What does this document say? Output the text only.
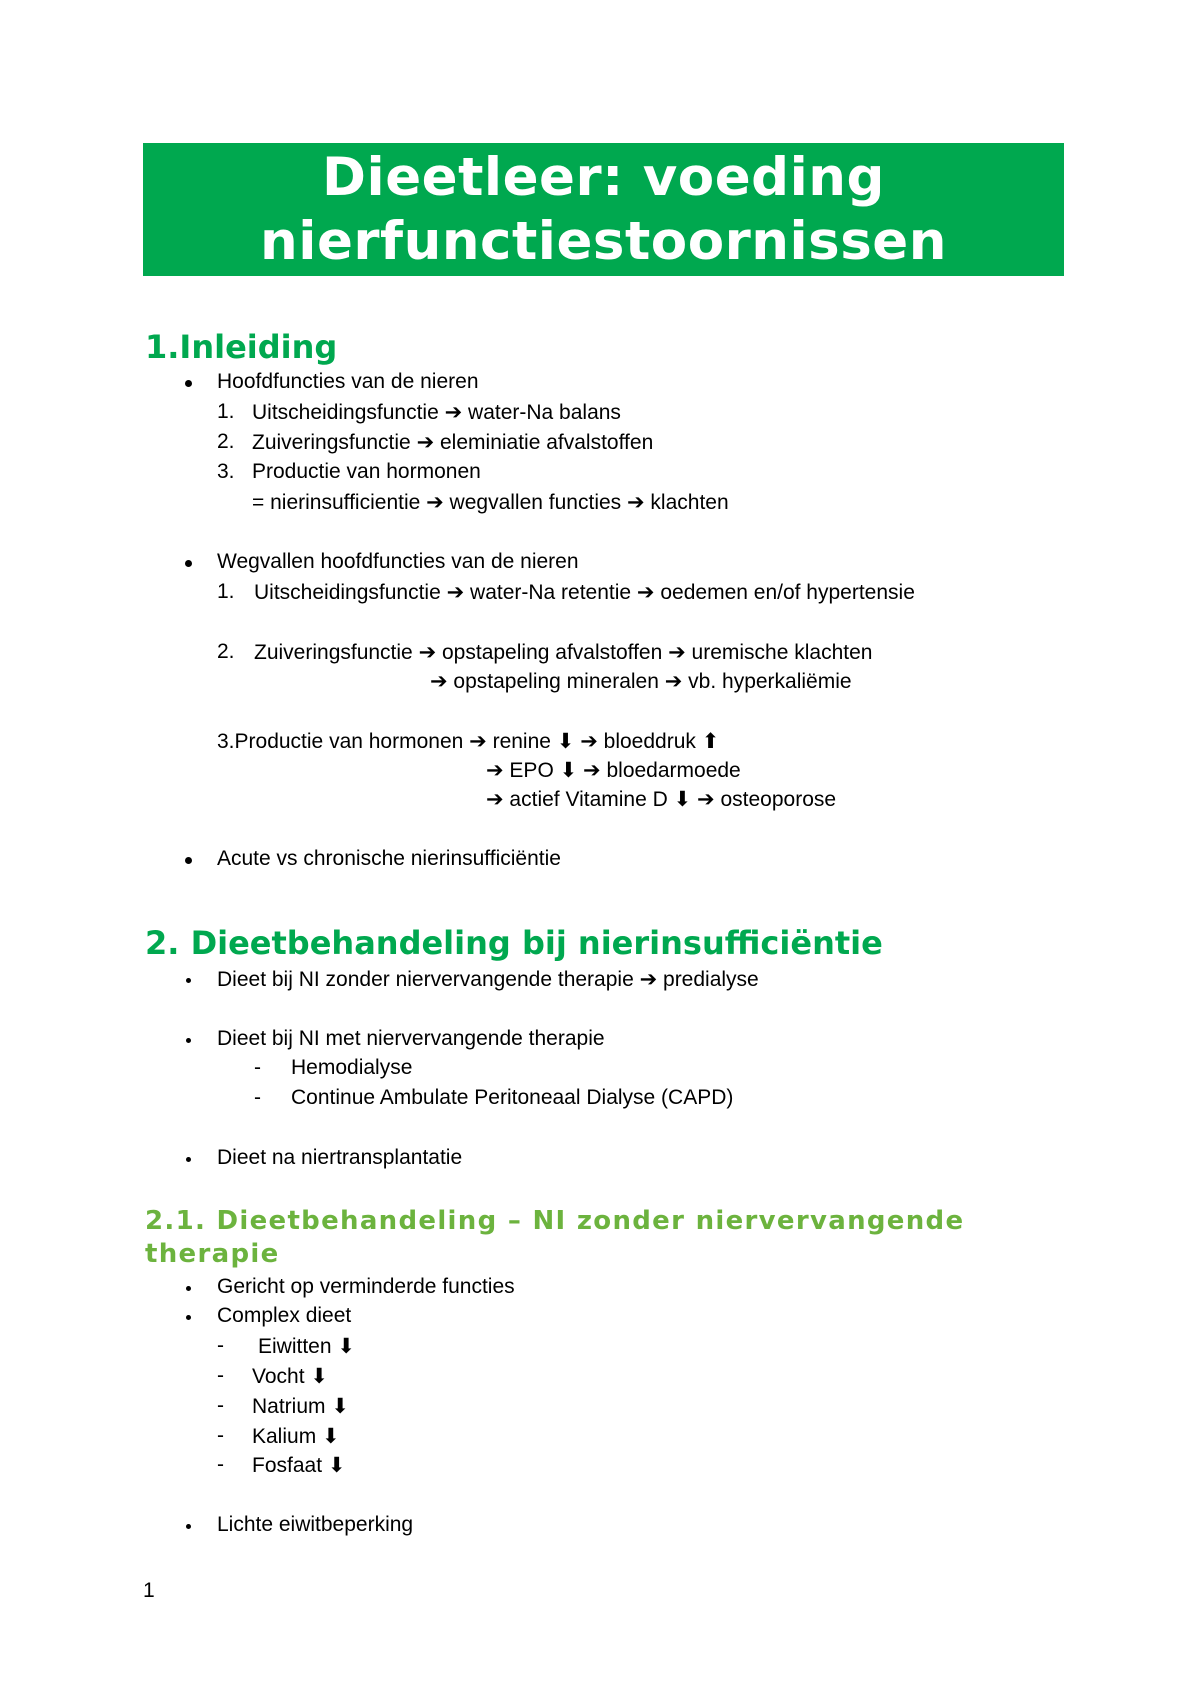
Dieetleer: voeding
nierfunctiestoornissen
1.Inleiding
Hoofdfuncties van de nieren
1. Uitscheidingsfunctie ➔ water-Na balans
2. Zuiveringsfunctie ➔ eleminiatie afvalstoffen
3. Productie van hormonen
= nierinsufficientie ➔ wegvallen functies ➔ klachten
Wegvallen hoofdfuncties van de nieren
1. Uitscheidingsfunctie ➔ water-Na retentie ➔ oedemen en/of hypertensie
2. Zuiveringsfunctie ➔ opstapeling afvalstoffen ➔ uremische klachten
➔ opstapeling mineralen ➔ vb. hyperkaliëmie
3.Productie van hormonen ➔ renine ⬇ ➔ bloeddruk ⬆
➔ EPO ⬇ ➔ bloedarmoede
➔ actief Vitamine D ⬇ ➔ osteoporose
Acute vs chronische nierinsufficiëntie
2. Dieetbehandeling bij nierinsufficiëntie
Dieet bij NI zonder niervervangende therapie ➔ predialyse
Dieet bij NI met niervervangende therapie
- Hemodialyse
- Continue Ambulate Peritoneaal Dialyse (CAPD)
Dieet na niertransplantatie
2.1. Dieetbehandeling – NI zonder niervervangende
therapie
Gericht op verminderde functies
Complex dieet
- Eiwitten ⬇
- Vocht ⬇
- Natrium ⬇
- Kalium ⬇
- Fosfaat ⬇
Lichte eiwitbeperking
1
